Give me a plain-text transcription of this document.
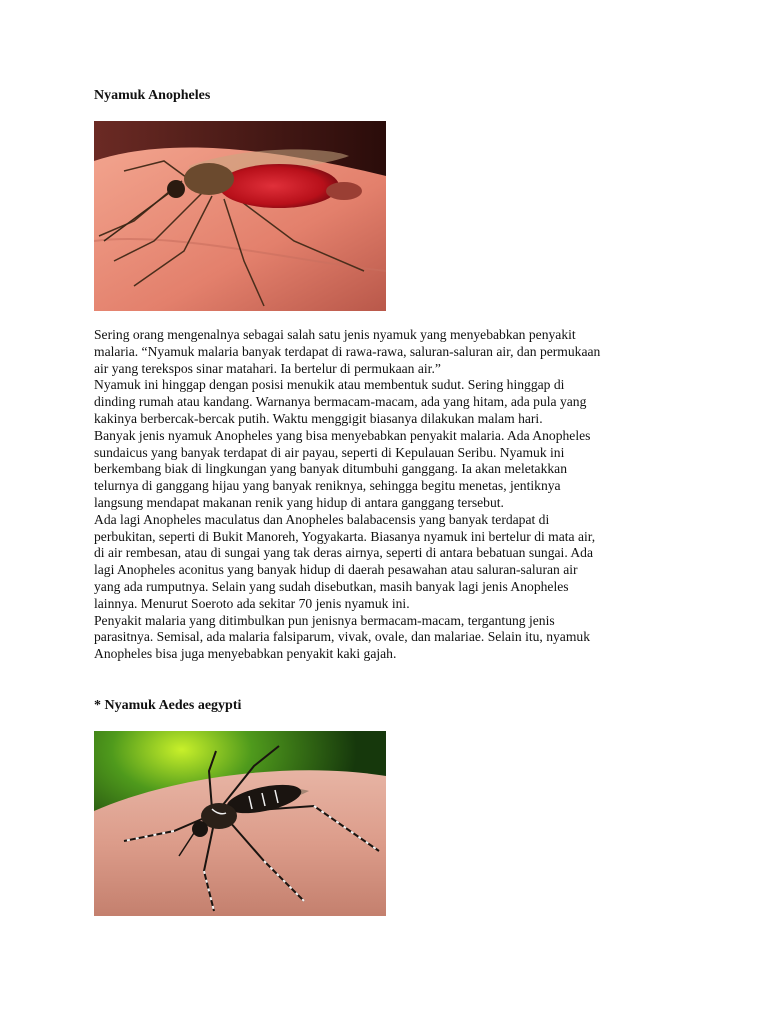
Nyamuk Anopheles

Sering orang mengenalnya sebagai salah satu jenis nyamuk yang menyebabkan penyakit
malaria. “Nyamuk malaria banyak terdapat di rawa-rawa, saluran-saluran air, dan permukaan
air yang terekspos sinar matahari. Ia bertelur di permukaan air.”
Nyamuk ini hinggap dengan posisi menukik atau membentuk sudut. Sering hinggap di
dinding rumah atau kandang. Warnanya bermacam-macam, ada yang hitam, ada pula yang
kakinya berbercak-bercak putih. Waktu menggigit biasanya dilakukan malam hari.
Banyak jenis nyamuk Anopheles yang bisa menyebabkan penyakit malaria. Ada Anopheles
sundaicus yang banyak terdapat di air payau, seperti di Kepulauan Seribu. Nyamuk ini
berkembang biak di lingkungan yang banyak ditumbuhi ganggang. Ia akan meletakkan
telurnya di ganggang hijau yang banyak reniknya, sehingga begitu menetas, jentiknya
langsung mendapat makanan renik yang hidup di antara ganggang tersebut.
Ada lagi Anopheles maculatus dan Anopheles balabacensis yang banyak terdapat di
perbukitan, seperti di Bukit Manoreh, Yogyakarta. Biasanya nyamuk ini bertelur di mata air,
di air rembesan, atau di sungai yang tak deras airnya, seperti di antara bebatuan sungai. Ada
lagi Anopheles aconitus yang banyak hidup di daerah pesawahan atau saluran-saluran air
yang ada rumputnya. Selain yang sudah disebutkan, masih banyak lagi jenis Anopheles
lainnya. Menurut Soeroto ada sekitar 70 jenis nyamuk ini.
Penyakit malaria yang ditimbulkan pun jenisnya bermacam-macam, tergantung jenis
parasitnya. Semisal, ada malaria falsiparum, vivak, ovale, dan malariae. Selain itu, nyamuk
Anopheles bisa juga menyebabkan penyakit kaki gajah.

* Nyamuk Aedes aegypti
